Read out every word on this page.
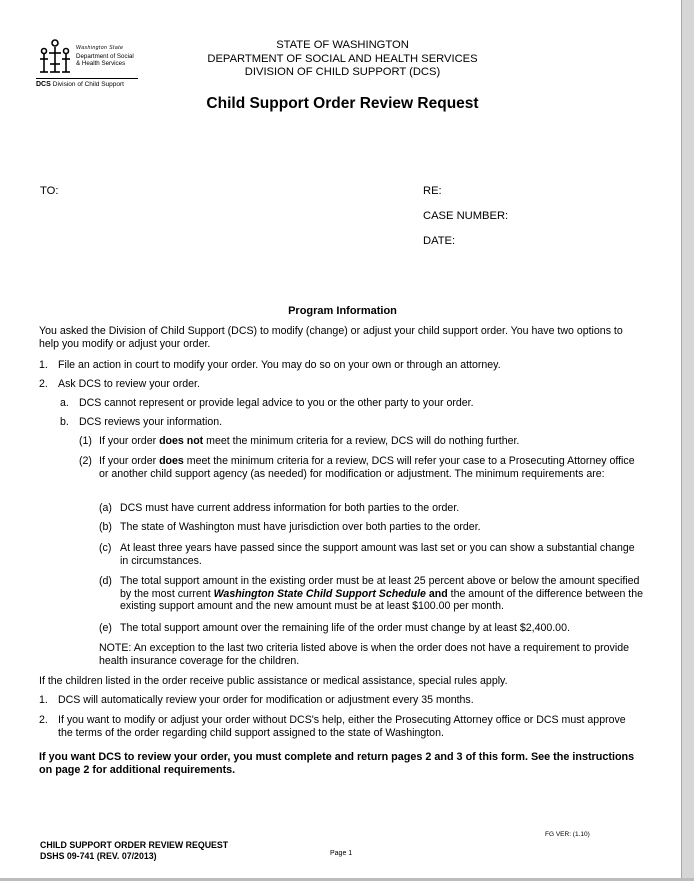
Washington State
Department of Social
& Health Services
DCS Division of Child Support
STATE OF WASHINGTON
DEPARTMENT OF SOCIAL AND HEALTH SERVICES
DIVISION OF CHILD SUPPORT (DCS)
Child Support Order Review Request
TO:	RE:
CASE NUMBER:
DATE:
Program Information
You asked the Division of Child Support (DCS) to modify (change) or adjust your child support order. You have two options to help you modify or adjust your order.
1. File an action in court to modify your order. You may do so on your own or through an attorney.
2. Ask DCS to review your order.
a. DCS cannot represent or provide legal advice to you or the other party to your order.
b. DCS reviews your information.
(1) If your order does not meet the minimum criteria for a review, DCS will do nothing further.
(2) If your order does meet the minimum criteria for a review, DCS will refer your case to a Prosecuting Attorney office or another child support agency (as needed) for modification or adjustment. The minimum requirements are:
(a) DCS must have current address information for both parties to the order.
(b) The state of Washington must have jurisdiction over both parties to the order.
(c) At least three years have passed since the support amount was last set or you can show a substantial change in circumstances.
(d) The total support amount in the existing order must be at least 25 percent above or below the amount specified by the most current Washington State Child Support Schedule and the amount of the difference between the existing support amount and the new amount must be at least $100.00 per month.
(e) The total support amount over the remaining life of the order must change by at least $2,400.00.
NOTE: An exception to the last two criteria listed above is when the order does not have a requirement to provide health insurance coverage for the children.
If the children listed in the order receive public assistance or medical assistance, special rules apply.
1. DCS will automatically review your order for modification or adjustment every 35 months.
2. If you want to modify or adjust your order without DCS's help, either the Prosecuting Attorney office or DCS must approve the terms of the order regarding child support assigned to the state of Washington.
If you want DCS to review your order, you must complete and return pages 2 and 3 of this form. See the instructions on page 2 for additional requirements.
CHILD SUPPORT ORDER REVIEW REQUEST
DSHS 09-741 (REV. 07/2013)	Page 1
FG VER: (1.10)
